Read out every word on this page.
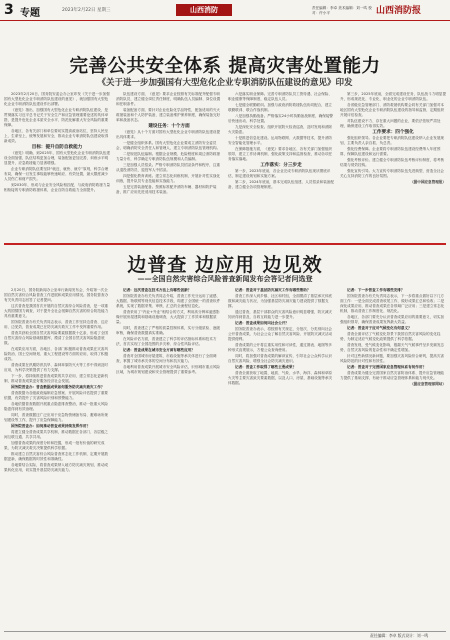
3 专题	2023年2月22日 星期三	山西消防	责任编辑：李卓 美术编辑：刘一鸣 校对：许小平	山西消防报
完善公共安全体系 提高灾害处置能力
《关于进一步加强国有大型危化企业专职消防队伍建设的意见》印发

2023年2月20日，国务院安委会办公室印发《关于进一步加强国有大型危化企业专职消防队伍建设的意见》，就加强国有大型危化企业专职消防队伍建设作出部署。

《意见》指出，加强国有大型危化企业专职消防队伍建设，是贯彻落实习近平总书记关于安全生产和应急管理重要论述的具体举措，是提升危化企业本质安全水平、防范化解重大安全风险的重要保障。

各地区、各有关部门和单位要切实提高政治站位，坚持人民至上、生命至上，统筹发展和安全，推动企业专职消防队伍建设取得新成效。

目标：提升自防自救能力

《意见》明确，到2025年，国有大型危化企业专职消防队伍建设全面加强，队伍结构更加合理，装备配备更加完善，训练水平明显提升，应急救援能力显著增强。

企业专职消防队伍要坚持“就近、就快、就专”原则，科学合理布局，确保一旦发生事故能够快速响应、有效处置，最大限度减少人员伤亡和财产损失。

到2030年，形成与企业安全风险相匹配、与政府消防救援力量相衔接的专职消防救援体系，企业自防自救能力全面提升。

队伍建设方面，《意见》要求企业按照有关标准配齐配强专职消防队员，建立健全岗位责任制度，明确队伍人员编制、岗位设置和任职条件。

装备配备方面，要针对企业危险化学品特性，配备适用的灭火救援装备和个人防护装备，建立装备维护保养制度，确保装备完好率和战备状态。

建设任务：十个方面

《意见》从十个方面对国有大型危化企业专职消防队伍建设提出具体要求。

一是健全组织体系。国有大型危化企业要成立消防安全委员会，明确消防安全责任人和管理人，建立专职消防队伍管理机构。

二是规范队伍编制。根据企业规模、危险程度和周边消防救援力量分布，科学确定专职消防队伍规模和人员编制。

三是加强人员招录。严格专职消防队员招录条件和程序，注重从退役消防员、退役军人中招录。

四是强化教育训练。建立常态化训练机制，开展针对性实战化训练，提升队员专业技能和实战能力。

五是完善装备配备。按照标准配齐消防车辆、器材和防护装备，推广应用先进适用技术装备。

六是落实职业保障。完善专职消防队员工资待遇、社会保险、职业健康等保障制度，稳定队伍人员。

七是健全联勤联训。加强与政府消防救援队伍协同配合，建立联勤联训、联合作战机制。

八是加强执勤战备。严格落实24小时执勤备战制度，确保接警后快速出动、科学处置。

九是深化安全检查。组织开展防火检查巡查，及时发现和消除火灾隐患。

十是推进信息化建设。运用物联网、大数据等技术，提升消防安全智能化管理水平。

在保障措施方面，《意见》要求各地区、各有关部门加强组织领导，建立工作协调机制，强化政策支持和监督检查，推动各项任务落实落地。

工作落实：分三步走

第一步，2023年底前，各企业完成专职消防队伍现状摸底评估，制定建设规划和实施方案。

第二步，2024年底前，基本完成队伍组建、人员招录和装备配备，建立健全各项管理制度。

第三步，2025年底前，全面完成建设任务，队伍战斗力明显提升，形成规范化、专业化、职业化的企业专职消防队伍。

各省级应急管理部门、消防救援机构要会同有关部门加强对本地区国有大型危化企业专职消防队伍建设的指导和监督，定期组织开展评估检查。

对队伍建设不力、存在重大问题的企业，要依法依规严肃处理，确保建设工作取得实效。

工作要求：四个强化

强化组织领导。各企业要把专职消防队伍建设纳入企业发展规划，主要负责人亲自抓、负总责。

强化经费保障。企业要将专职消防队伍建设经费纳入年度预算，保障队伍建设和运行需要。

强化考核评价。建立健全专职消防队伍考核评价制度，将考核结果与绩效挂钩。

强化宣传引导。大力宣传专职消防队伍先进典型，营造全社会关心支持消防工作的良好氛围。

（据中国应急管理报）

边普查 边应用 边见效
——全国自然灾害综合风险普查新闻发布会答记者问选登

2月20日，国务院新闻办公室举行新闻发布会，介绍第一次全国自然灾害综合风险普查工作进展和成果应用情况。国务院普查办有关负责同志回答了记者提问。

这次普查是我国首次开展的自然灾害综合风险普查，是一项重大的国情国力调查，对于提升全社会抵御自然灾害的综合防范能力具有重要意义。

国务院普查办有关负责同志表示，普查工作坚持边普查、边应用、边见效，普查成果已在防灾减灾救灾工作中发挥重要作用。

普查共获取全国自然灾害风险要素数据数十亿条，形成了全国自然灾害综合风险基础数据库，摸清了全国自然灾害风险隐患底数。

在成果应用方面，各地区、各部门积极推动普查成果在灾害风险防治、国土空间规划、重大工程建设等方面的应用，取得了积极成效。

普查成果在汛期防汛抗旱、森林草原防灭火等工作中得到及时应用，为科学决策提供了有力支撑。

下一步，将持续推进普查成果的共享应用，建立常态化更新机制，推动普查成果更好服务经济社会发展。

国务院普查办：普查数据成果如何服务防灾减灾救灾工作？

普查数据为各级政府编制应急预案、开展风险评估提供了重要依据，有效提升了灾害风险识别和预警能力。

各地依据普查数据开展重点隐患排查整治，推动一批重大风险隐患得到有效治理。

同时，普查数据还广泛应用于应急物资储备布局、避难场所规划建设等工作，提升了应急保障能力。

国务院普查办：如何推动普查成果持续发挥作用？

将建立健全普查成果共享机制，推动数据在各部门、各层级之间互联互通、共享共用。

加强普查成果的深度分析和挖掘，形成一批有价值的研究成果，为防灾减灾救灾决策提供科学依据。

推动建立自然灾害综合风险普查常态化工作机制，定期开展数据更新，确保数据的时效性和准确性。

各地要结合实际，将普查成果纳入地方防灾减灾规划，推动成果转化应用，切实提升基层防灾减灾能力。

记者：这次普查在技术方法上有哪些创新？

国务院普查办有关负责同志介绍，普查工作充分运用了遥感、大数据、物联网等现代信息技术手段，构建了全国统一的普查软件系统，实现了数据采集、审核、汇总的全流程信息化。

普查采用了“内业+外业”相结合的方式，利用高分辨率遥感影像开展房屋建筑和基础设施调查，大大提高了工作效率和数据质量。

同时，普查建立了严格的质量控制体系，实行分级质检、逐级审核，确保普查数据真实准确。

在风险评估方面，普查建立了科学的评估指标体系和技术方法，首次实现了全国范围的多灾种、综合性风险评估。

记者：普查成果在城市安全方面有哪些应用？

普查对全国城市房屋建筑、市政设施等承灾体进行了全面调查，掌握了城市承灾体的空间分布和抗灾能力。

各地利用普查成果开展城市安全风险评估，识别城市重点风险区域，为城市规划建设和安全管理提供了重要参考。

记者：普查对于基层防灾减灾工作有哪些帮助？

普查工作深入到乡镇、社区和村组，全面摸清了基层承灾体底数和减灾能力状况，为加强基层防灾减灾能力建设提供了数据支撑。

通过普查，基层干部群众的灾害风险意识明显增强，防灾减灾知识得到普及，自救互救能力进一步提升。

记者：普查成果如何向社会公开？

国务院普查办表示，将按照有关规定，分批次、分类别向社会公开普查成果，为社会公众了解自然灾害风险、开展防灾减灾活动提供便利。

普查成果的公开将注重实用性和可读性，通过图表、地图等多种形式直观展示，方便公众查询使用。

同时，将加强对普查成果的解读宣传，引导社会公众科学认识自然灾害风险，增强全社会防灾减灾意识。

记者：普查工作取得了哪些主要成果？

普查全面获取了地震、地质、气象、水旱、海洋、森林和草原火灾等主要灾害致灾要素数据，以及人口、房屋、基础设施等承灾体数据。

记者：下一步普查工作有哪些安排？

国务院普查办有关负责同志表示，下一步将重点做好以下几方面工作：一是全面完成普查收尾工作，做好成果汇总和验收；二是深化成果应用，推动普查成果在各领域广泛应用；三是建立常态化机制，推动普查工作制度化、规范化。

各地区、各部门要充分认识普查成果应用的重要意义，切实加强组织领导，确保普查成果发挥最大效益。

记者：普查对于应对气候变化有何意义？

普查全面评估了气候变化背景下我国自然灾害风险的变化趋势，为制定适应气候变化政策提供了科学依据。

普查发现，受气候变化影响，极端天气气候事件呈多发频发态势，自然灾害风险的复杂性和不确定性增加。

针对这些新情况新问题，要加强灾害风险综合研判，提高灾害风险防范的针对性和有效性。

记者：普查对于完善国家应急管理体系有何作用？

普查成果为健全完善国家自然灾害防治体系、提升应急管理能力提供了基础支撑，有助于推动应急管理体系和能力现代化。

（据应急管理部网站）

责任编辑：李卓 版式设计：刘一鸣
